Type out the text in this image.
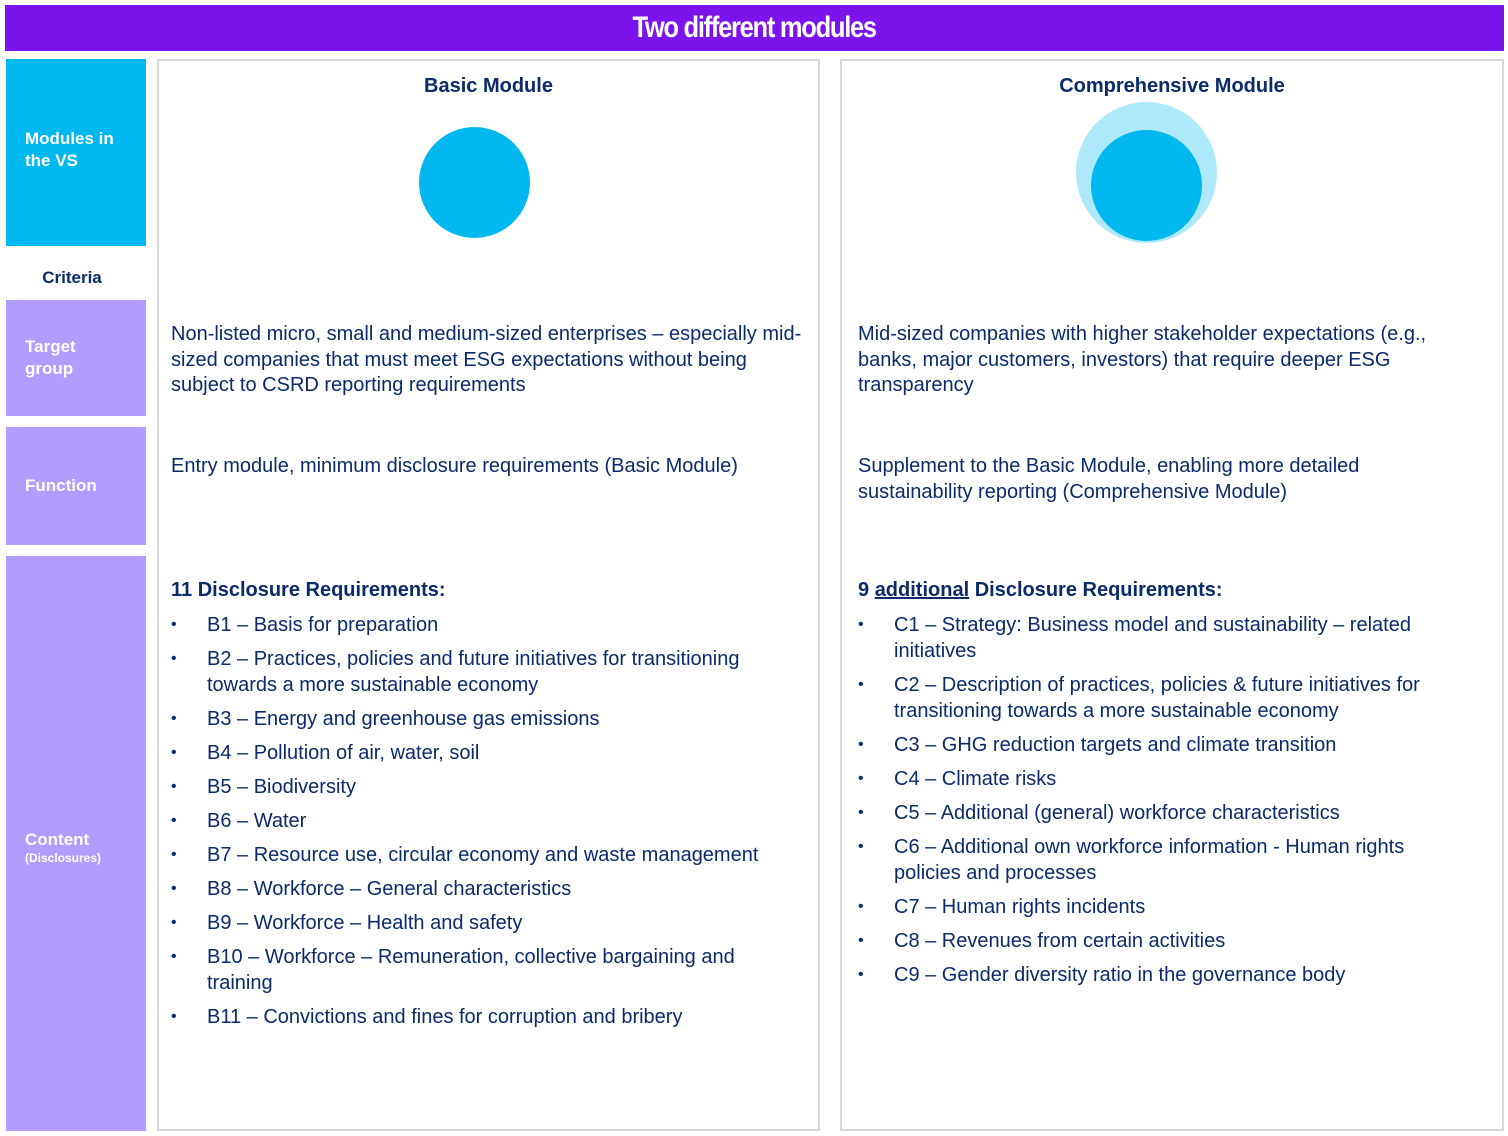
Two different modules
Modules in the VS
Criteria
Target group
Function
Content
(Disclosures)
Basic Module
Non-listed micro, small and medium-sized enterprises – especially mid-sized companies that must meet ESG expectations without being subject to CSRD reporting requirements
Entry module, minimum disclosure requirements (Basic Module)
11 Disclosure Requirements:
• B1 – Basis for preparation
• B2 – Practices, policies and future initiatives for transitioning towards a more sustainable economy
• B3 – Energy and greenhouse gas emissions
• B4 – Pollution of air, water, soil
• B5 – Biodiversity
• B6 – Water
• B7 – Resource use, circular economy and waste management
• B8 – Workforce – General characteristics
• B9 – Workforce – Health and safety
• B10 – Workforce – Remuneration, collective bargaining and training
• B11 – Convictions and fines for corruption and bribery
Comprehensive Module
Mid-sized companies with higher stakeholder expectations (e.g., banks, major customers, investors) that require deeper ESG transparency
Supplement to the Basic Module, enabling more detailed sustainability reporting (Comprehensive Module)
9 additional Disclosure Requirements:
• C1 – Strategy: Business model and sustainability – related initiatives
• C2 – Description of practices, policies & future initiatives for transitioning towards a more sustainable economy
• C3 – GHG reduction targets and climate transition
• C4 – Climate risks
• C5 – Additional (general) workforce characteristics
• C6 – Additional own workforce information - Human rights policies and processes
• C7 – Human rights incidents
• C8 – Revenues from certain activities
• C9 – Gender diversity ratio in the governance body
